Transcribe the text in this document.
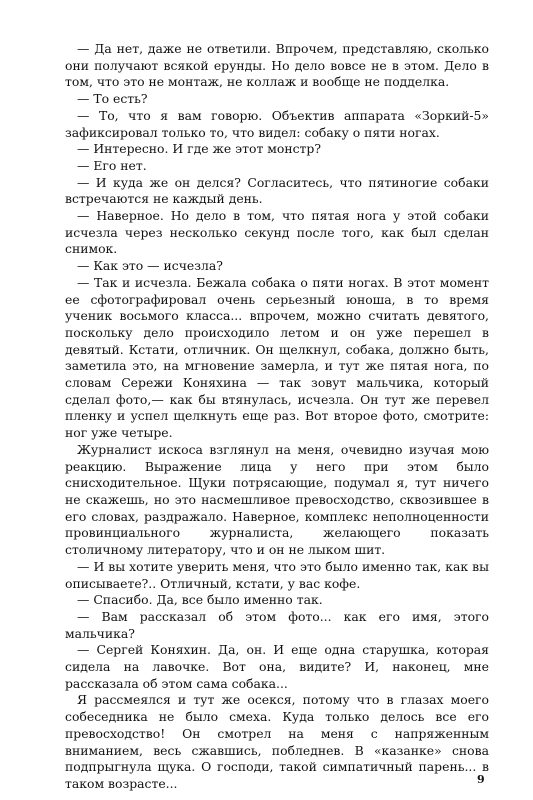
— Да нет, даже не ответили. Впрочем, представляю, сколько они получают всякой ерунды. Но дело вовсе не в этом. Дело в том, что это не монтаж, не коллаж и вообще не подделка.

— То есть?

— То, что я вам говорю. Объектив аппарата «Зоркий-5» зафиксировал только то, что видел: собаку о пяти ногах.

— Интересно. И где же этот монстр?

— Его нет.

— И куда же он делся? Согласитесь, что пятиногие собаки встречаются не каждый день.

— Наверное. Но дело в том, что пятая нога у этой собаки исчезла через несколько секунд после того, как был сделан снимок.

— Как это — исчезла?

— Так и исчезла. Бежала собака о пяти ногах. В этот момент ее сфотографировал очень серьезный юноша, в то время ученик восьмого класса... впрочем, можно считать девятого, поскольку дело происходило летом и он уже перешел в девятый. Кстати, отличник. Он щелкнул, собака, должно быть, заметила это, на мгновение замерла, и тут же пятая нога, по словам Сережи Коняхина — так зовут мальчика, который сделал фото,— как бы втянулась, исчезла. Он тут же перевел пленку и успел щелкнуть еще раз. Вот второе фото, смотрите: ног уже четыре.

Журналист искоса взглянул на меня, очевидно изучая мою реакцию. Выражение лица у него при этом было снисходительное. Щуки потрясающие, подумал я, тут ничего не скажешь, но это насмешливое превосходство, сквозившее в его словах, раздражало. Наверное, комплекс неполноценности провинциального журналиста, желающего показать столичному литератору, что и он не лыком шит.

— И вы хотите уверить меня, что это было именно так, как вы описываете?.. Отличный, кстати, у вас кофе.

— Спасибо. Да, все было именно так.

— Вам рассказал об этом фото... как его имя, этого мальчика?

— Сергей Коняхин. Да, он. И еще одна старушка, которая сидела на лавочке. Вот она, видите? И, наконец, мне рассказала об этом сама собака...

Я рассмеялся и тут же осекся, потому что в глазах моего собеседника не было смеха. Куда только делось все его превосходство! Он смотрел на меня с напряженным вниманием, весь сжавшись, побледнев. В «казанке» снова подпрыгнула щука. О господи, такой симпатичный парень... в таком возрасте...	9
